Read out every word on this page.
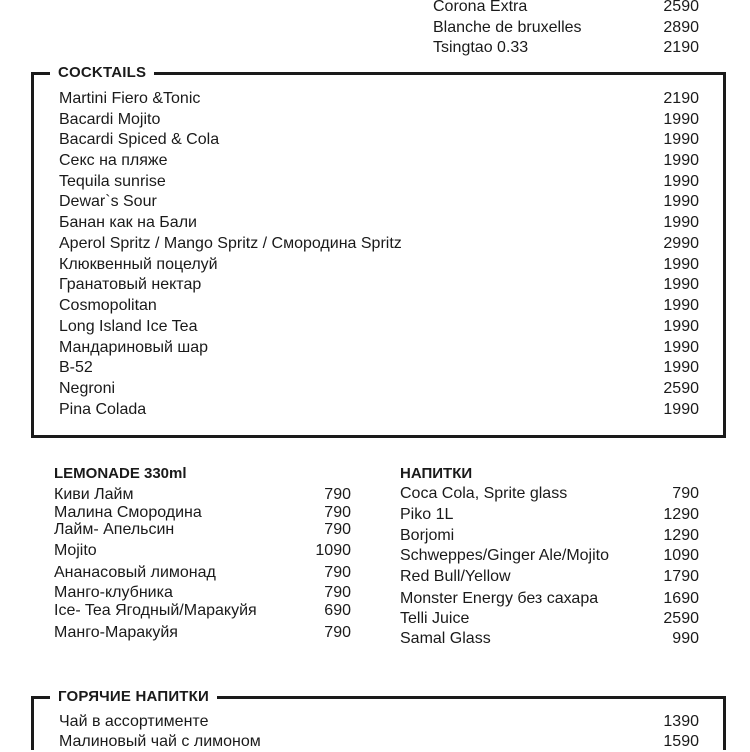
Corona Extra	2590
Blanche de bruxelles	2890
Tsingtao 0.33	2190
COCKTAILS
Martini Fiero &Tonic	2190
Bacardi Mojito	1990
Bacardi Spiced & Cola	1990
Секс на пляже	1990
Tequila sunrise	1990
Dewar`s Sour	1990
Банан как на Бали	1990
Aperol Spritz / Mango Spritz / Смородина Spritz	2990
Клюквенный поцелуй	1990
Гранатовый нектар	1990
Cosmopolitan	1990
Long Island Ice Tea	1990
Мандариновый шар	1990
B-52	1990
Negroni	2590
Pina Colada	1990
LEMONADE 330ml
Киви Лайм	790
Малина Смородина	790
Лайм- Апельсин	790
Mojito	1090
Ананасовый лимонад	790
Манго-клубника	790
Ice- Tea Ягодный/Маракуйя	690
Манго-Маракуйя	790
НАПИТКИ
Coca Cola, Sprite glass	790
Piko 1L	1290
Borjomi	1290
Schweppes/Ginger Ale/Mojito	1090
Red Bull/Yellow	1790
Monster Energy без сахара	1690
Telli Juice	2590
Samal Glass	990
ГОРЯЧИЕ НАПИТКИ
Чай в ассортименте	1390
Малиновый чай с лимоном	1590
